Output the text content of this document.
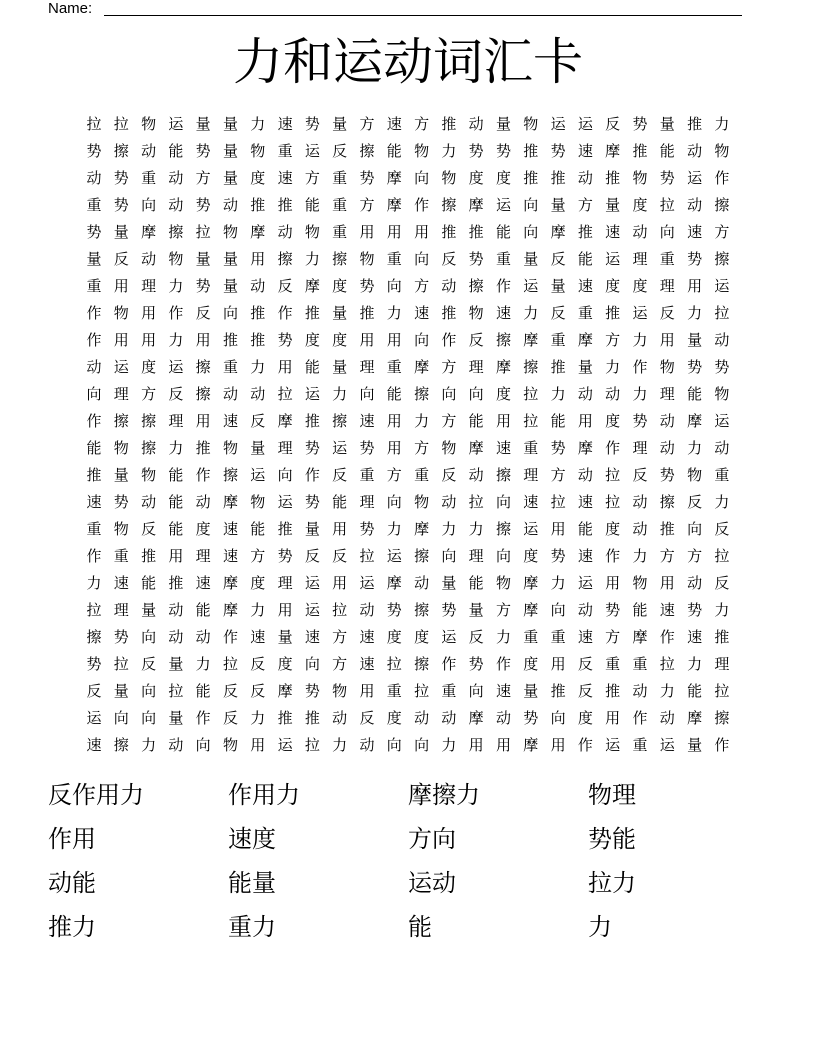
Name:
力和运动词汇卡
拉 拉 物 运 量 量 力 速 势 量 方 速 方 推 动 量 物 运 运 反 势 量 推 力
势 擦 动 能 势 量 物 重 运 反 擦 能 物 力 势 势 推 势 速 摩 推 能 动 物
动 势 重 动 方 量 度 速 方 重 势 摩 向 物 度 度 推 推 动 推 物 势 运 作
重 势 向 动 势 动 推 推 能 重 方 摩 作 擦 摩 运 向 量 方 量 度 拉 动 擦
势 量 摩 擦 拉 物 摩 动 物 重 用 用 用 推 推 能 向 摩 推 速 动 向 速 方
量 反 动 物 量 量 用 擦 力 擦 物 重 向 反 势 重 量 反 能 运 理 重 势 擦
重 用 理 力 势 量 动 反 摩 度 势 向 方 动 擦 作 运 量 速 度 度 理 用 运
作 物 用 作 反 向 推 作 推 量 推 力 速 推 物 速 力 反 重 推 运 反 力 拉
作 用 用 力 用 推 推 势 度 度 用 用 向 作 反 擦 摩 重 摩 方 力 用 量 动
动 运 度 运 擦 重 力 用 能 量 理 重 摩 方 理 摩 擦 推 量 力 作 物 势 势
向 理 方 反 擦 动 动 拉 运 力 向 能 擦 向 向 度 拉 力 动 动 力 理 能 物
作 擦 擦 理 用 速 反 摩 推 擦 速 用 力 方 能 用 拉 能 用 度 势 动 摩 运
能 物 擦 力 推 物 量 理 势 运 势 用 方 物 摩 速 重 势 摩 作 理 动 力 动
推 量 物 能 作 擦 运 向 作 反 重 方 重 反 动 擦 理 方 动 拉 反 势 物 重
速 势 动 能 动 摩 物 运 势 能 理 向 物 动 拉 向 速 拉 速 拉 动 擦 反 力
重 物 反 能 度 速 能 推 量 用 势 力 摩 力 力 擦 运 用 能 度 动 推 向 反
作 重 推 用 理 速 方 势 反 反 拉 运 擦 向 理 向 度 势 速 作 力 方 方 拉
力 速 能 推 速 摩 度 理 运 用 运 摩 动 量 能 物 摩 力 运 用 物 用 动 反
拉 理 量 动 能 摩 力 用 运 拉 动 势 擦 势 量 方 摩 向 动 势 能 速 势 力
擦 势 向 动 动 作 速 量 速 方 速 度 度 运 反 力 重 重 速 方 摩 作 速 推
势 拉 反 量 力 拉 反 度 向 方 速 拉 擦 作 势 作 度 用 反 重 重 拉 力 理
反 量 向 拉 能 反 反 摩 势 物 用 重 拉 重 向 速 量 推 反 推 动 力 能 拉
运 向 向 量 作 反 力 推 推 动 反 度 动 动 摩 动 势 向 度 用 作 动 摩 擦
速 擦 力 动 向 物 用 运 拉 力 动 向 向 力 用 用 摩 用 作 运 重 运 量 作
反作用力	作用力	摩擦力	物理
作用	速度	方向	势能
动能	能量	运动	拉力
推力	重力	能	力
